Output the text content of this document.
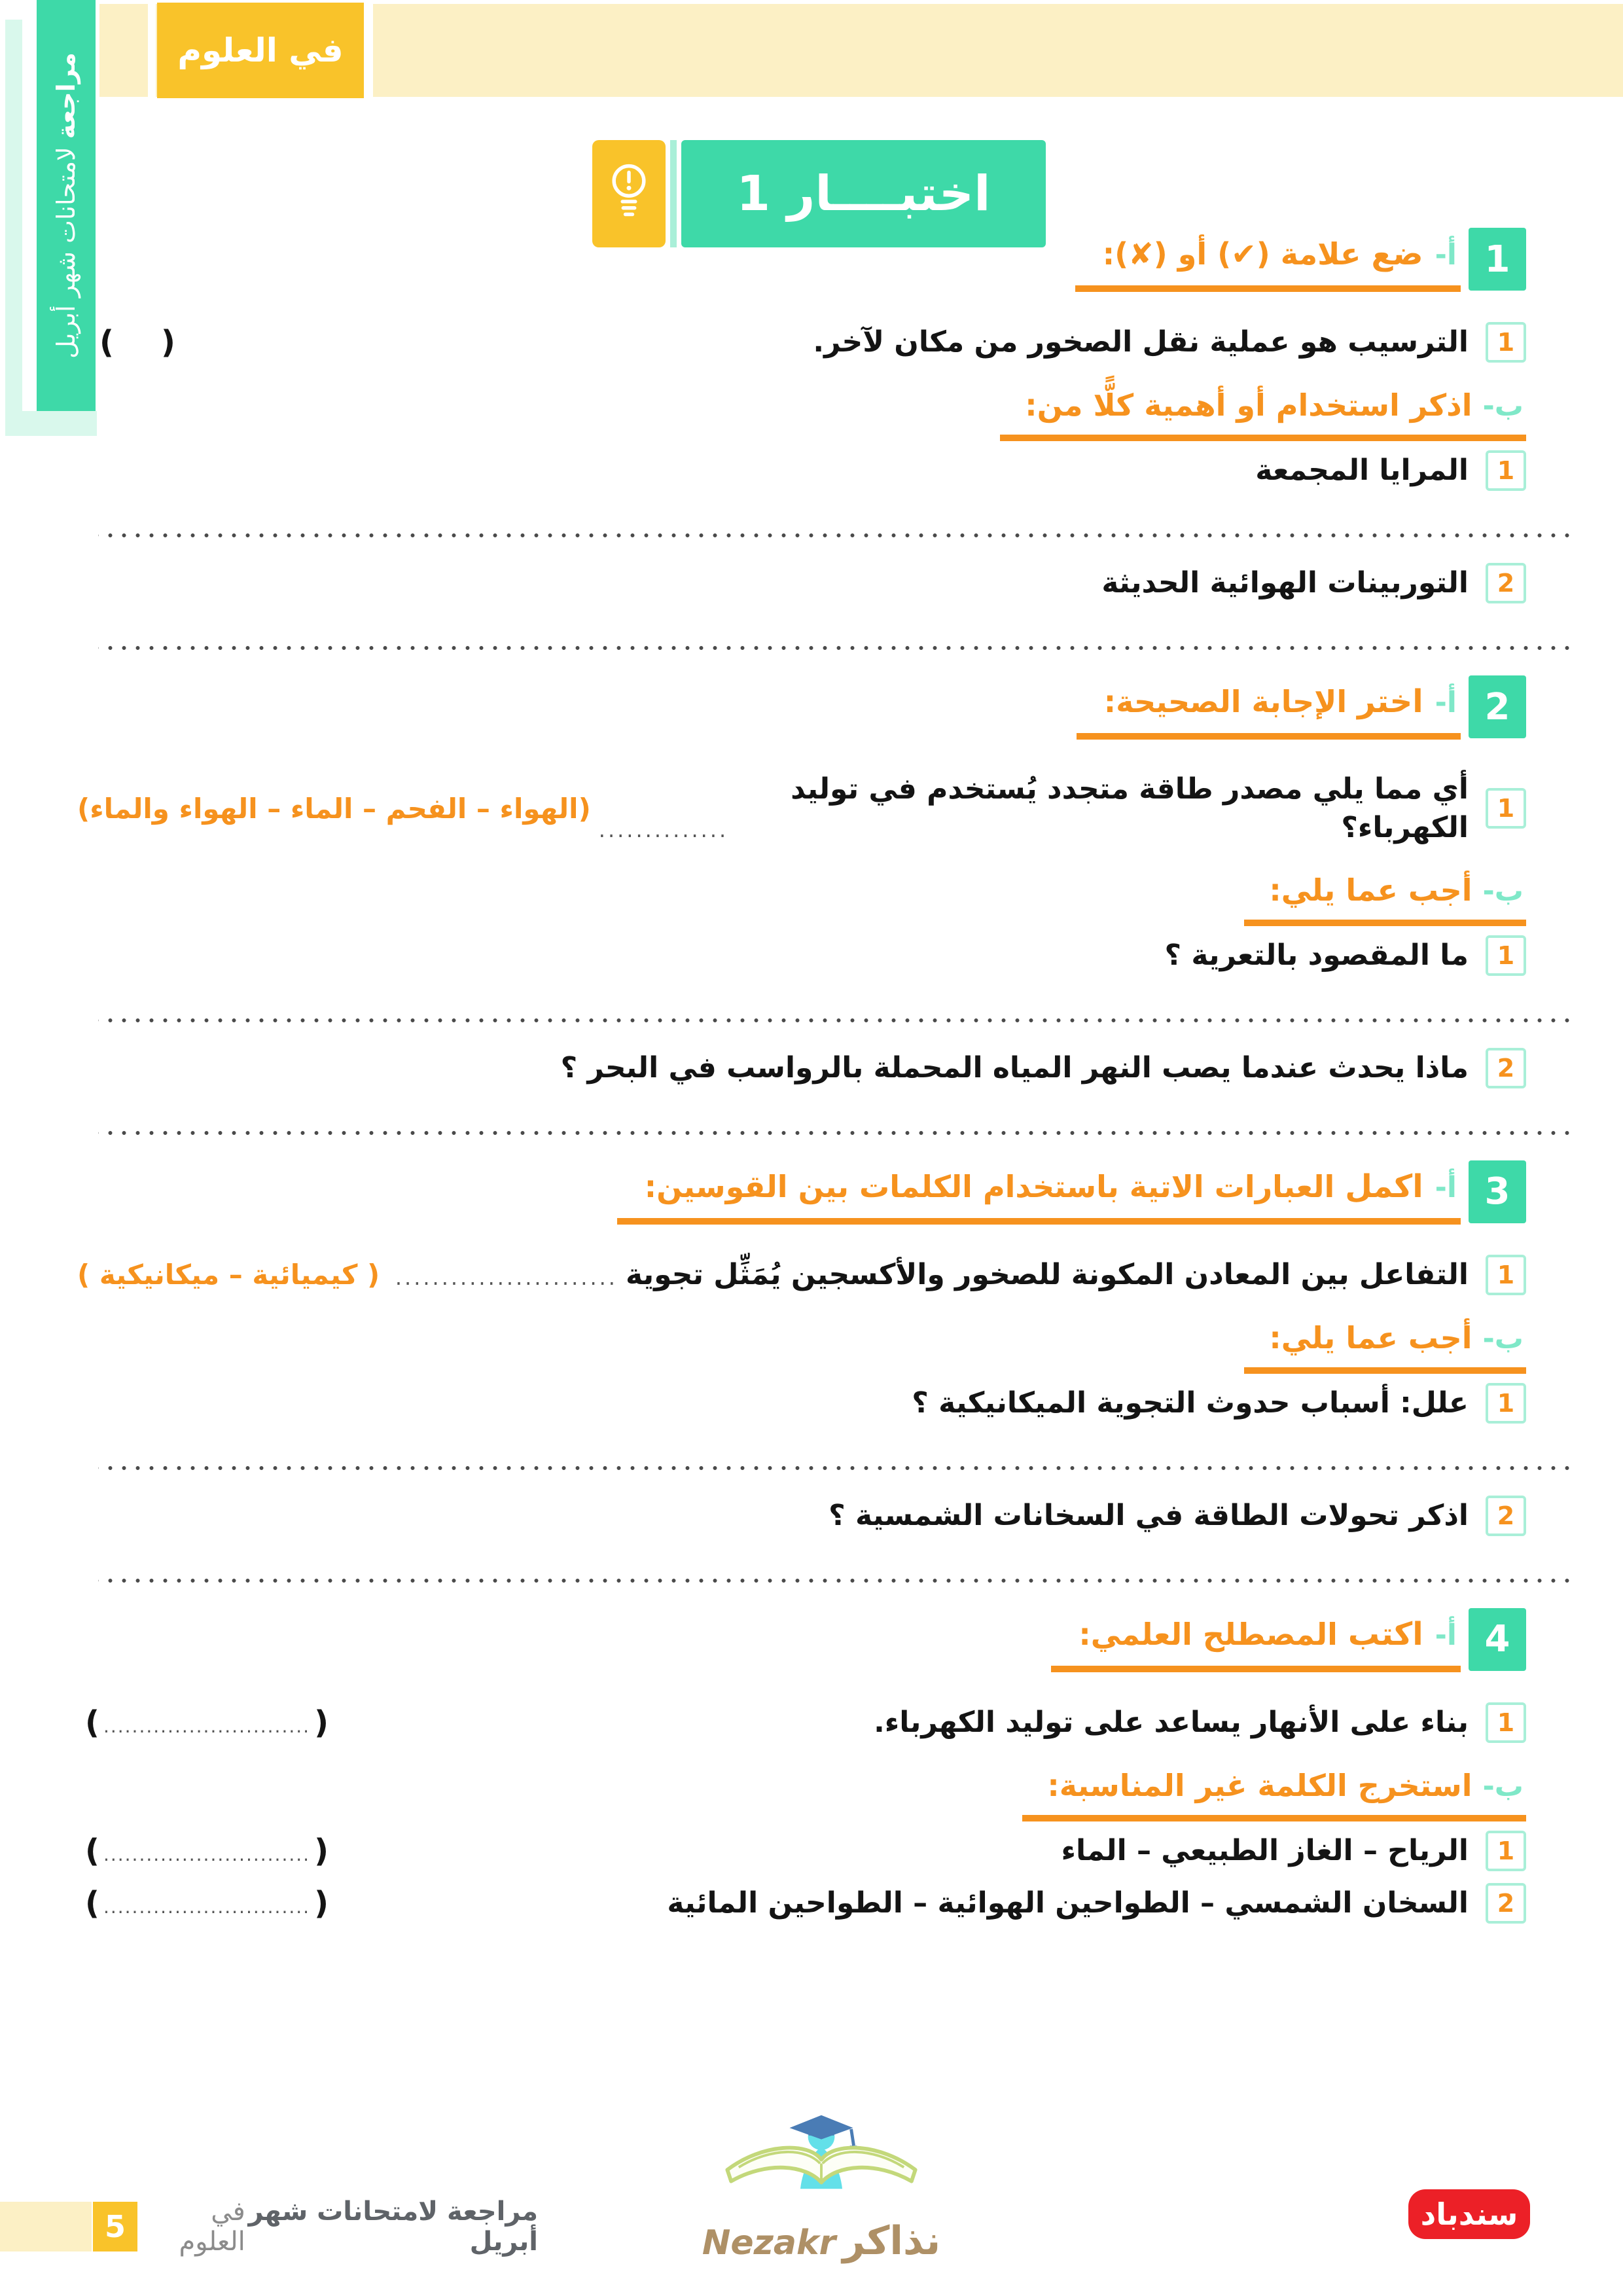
في العلوم
مراجعة لامتحانات شهر أبريل	اختبــــار 1
1
أ-
ضع علامة (✔) أو (✘):
1
الترسيب هو عملية نقل الصخور من مكان لآخر.
(
)
ب-
اذكر استخدام أو أهمية كلًّا من:
1
المرايا المجمعة
2
التوربينات الهوائية الحديثة
2
أ-
اختر الإجابة الصحيحة:
1
أي مما يلي مصدر طاقة متجدد يُستخدم في توليد الكهرباء؟
..............
(الهواء – الفحم – الماء – الهواء والماء)
ب-
أجب عما يلي:
1
ما المقصود بالتعرية ؟
2
ماذا يحدث عندما يصب النهر المياه المحملة بالرواسب في البحر ؟
3
أ-
اكمل العبارات الاتية باستخدام الكلمات بين القوسين:
1
التفاعل بين المعادن المكونة للصخور والأكسجين يُمَثِّل تجوية
........................
( كيميائية – ميكانيكية )
ب-
أجب عما يلي:
1
علل: أسباب حدوث التجوية الميكانيكية ؟
2
اذكر تحولات الطاقة في السخانات الشمسية ؟
4
أ-
اكتب المصطلح العلمي:
1
بناء على الأنهار يساعد على توليد الكهرباء.
(
.............................
)
ب-
استخرج الكلمة غير المناسبة:
1
الرياح – الغاز الطبيعي – الماء
(
.............................
)
2
السخان الشمسي – الطواحين الهوائية – الطواحين المائية
(
.............................
)
5	مراجعة لامتحانات شهر أبريل
في العلوم	نذاكر
Nezakr
سندباد
